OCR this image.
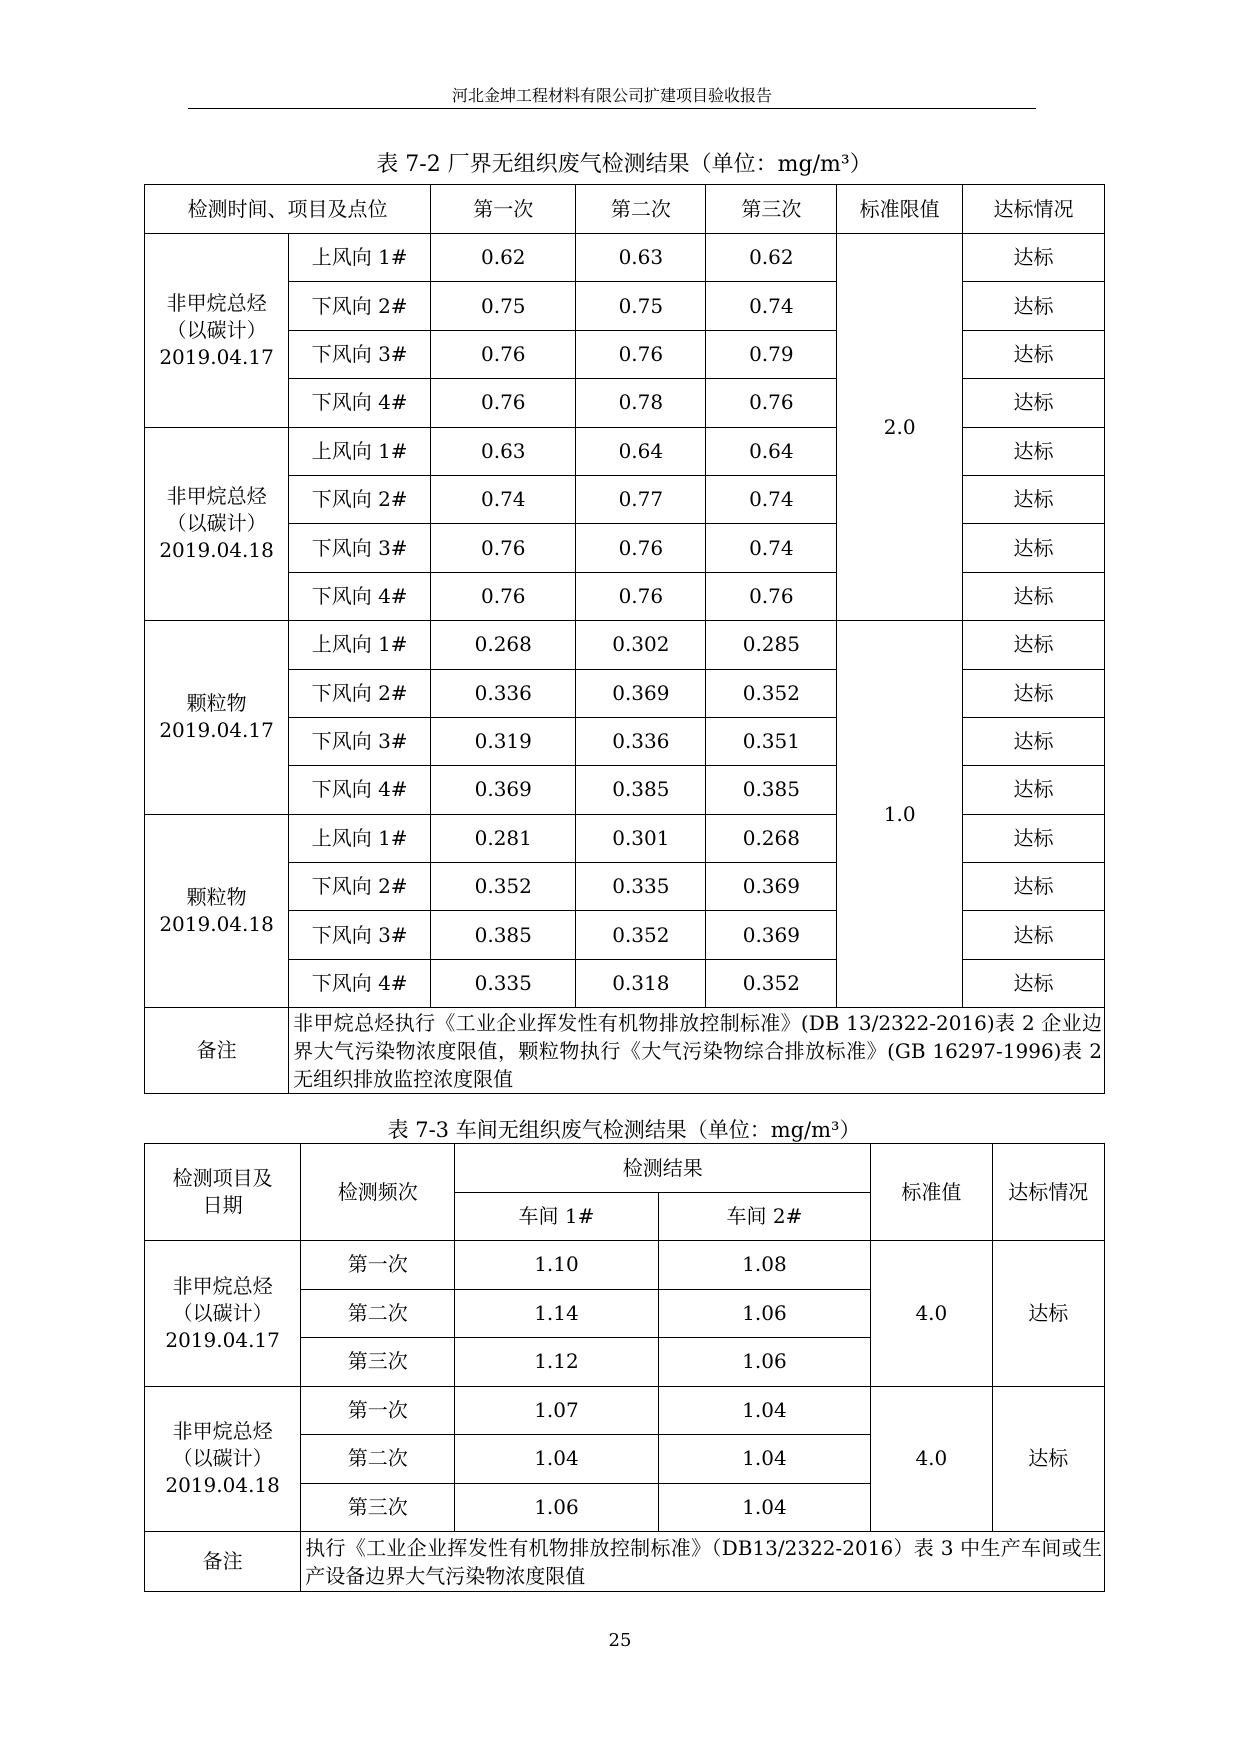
河北金坤工程材料有限公司扩建项目验收报告
表 7-2 厂界无组织废气检测结果（单位：mg/m³）
检测时间、项目及点位		第一次	第二次	第三次	标准限值	达标情况

非甲烷总烃
（以碳计）
2019.04.17	上风向 1#	0.62	0.63	0.62	2.0	达标
	下风向 2#	0.75	0.75	0.74		达标
	下风向 3#	0.76	0.76	0.79		达标
	下风向 4#	0.76	0.78	0.76		达标

非甲烷总烃
（以碳计）
2019.04.18	上风向 1#	0.63	0.64	0.64		达标
	下风向 2#	0.74	0.77	0.74		达标
	下风向 3#	0.76	0.76	0.74		达标
	下风向 4#	0.76	0.76	0.76		达标

颗粒物
2019.04.17	上风向 1#	0.268	0.302	0.285	1.0	达标
	下风向 2#	0.336	0.369	0.352		达标
	下风向 3#	0.319	0.336	0.351		达标
	下风向 4#	0.369	0.385	0.385		达标

颗粒物
2019.04.18	上风向 1#	0.281	0.301	0.268		达标
	下风向 2#	0.352	0.335	0.369		达标
	下风向 3#	0.385	0.352	0.369		达标
	下风向 4#	0.335	0.318	0.352		达标
备注	非甲烷总烃执行《工业企业挥发性有机物排放控制标准》(DB 13/2322-2016)表 2 企业边界大气污染物浓度限值，颗粒物执行《大气污染物综合排放标准》(GB 16297-1996)表 2 无组织排放监控浓度限值					
表 7-3 车间无组织废气检测结果（单位：mg/m³）
检测项目及
日期	检测频次	检测结果		标准值	达标情况
		车间 1#	车间 2#		

非甲烷总烃
（以碳计）
2019.04.17	第一次	1.10	1.08	4.0	达标
	第二次	1.14	1.06		
	第三次	1.12	1.06		

非甲烷总烃
（以碳计）
2019.04.18	第一次	1.07	1.04	4.0	达标
	第二次	1.04	1.04		
	第三次	1.06	1.04		
备注	执行《工业企业挥发性有机物排放控制标准》（DB13/2322-2016）表 3 中生产车间或生产设备边界大气污染物浓度限值				
25
